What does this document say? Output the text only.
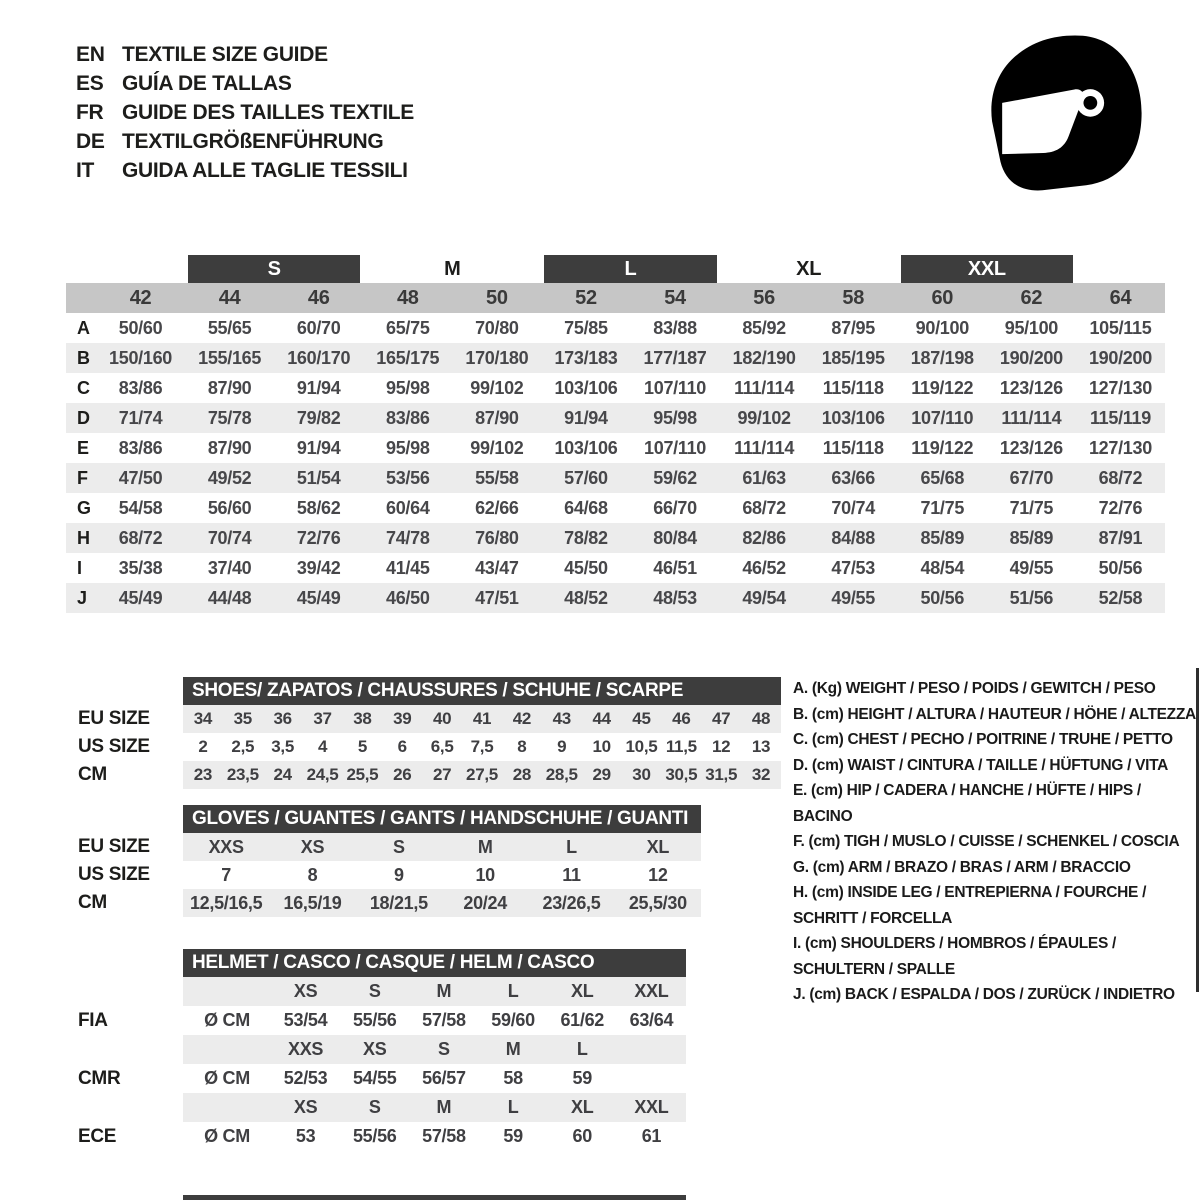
EN TEXTILE SIZE GUIDE
ES GUÍA DE TALLAS
FR GUIDE DES TAILLES TEXTILE
DE TEXTILGRÖßENFÜHRUNG
IT	GUIDA ALLE TAGLIE TESSILI
S	M	L	XL	XXL
42	44	46	48	50	52	54	56	58	60	62	64
A	50/60	55/65	60/70	65/75	70/80	75/85	83/88	85/92	87/95	90/100	95/100	105/115
B	150/160	155/165	160/170	165/175	170/180	173/183	177/187	182/190	185/195	187/198	190/200	190/200
C	83/86	87/90	91/94	95/98	99/102	103/106	107/110	111/114	115/118	119/122	123/126	127/130
D	71/74	75/78	79/82	83/86	87/90	91/94	95/98	99/102	103/106	107/110	111/114	115/119
E	83/86	87/90	91/94	95/98	99/102	103/106	107/110	111/114	115/118	119/122	123/126	127/130
F	47/50	49/52	51/54	53/56	55/58	57/60	59/62	61/63	63/66	65/68	67/70	68/72
G	54/58	56/60	58/62	60/64	62/66	64/68	66/70	68/72	70/74	71/75	71/75	72/76
H	68/72	70/74	72/76	74/78	76/80	78/82	80/84	82/86	84/88	85/89	85/89	87/91
I	35/38	37/40	39/42	41/45	43/47	45/50	46/51	46/52	47/53	48/54	49/55	50/56
J	45/49	44/48	45/49	46/50	47/51	48/52	48/53	49/54	49/55	50/56	51/56	52/58
SHOES/ ZAPATOS / CHAUSSURES / SCHUHE / SCARPE
EU SIZE	34	35	36	37	38	39	40	41	42	43	44	45	46	47	48
US SIZE	2	2,5	3,5	4	5	6	6,5	7,5	8	9	10 10,5 11,5 12	13
CM	23 23,5 24 24,5 25,5 26	27 27,5 28 28,5 29	30 30,5 31,5 32
GLOVES / GUANTES / GANTS / HANDSCHUHE / GUANTI
EU SIZE	XXS	XS	S	M	L	XL
US SIZE	7	8	9	10	11	12
CM	12,5/16,5	16,5/19	18/21,5	20/24	23/26,5	25,5/30
HELMET / CASCO / CASQUE / HELM / CASCO
XS	S	M	L	XL	XXL
FIA	Ø CM	53/54	55/56	57/58	59/60	61/62	63/64
XXS	XS	S	M	L
CMR	Ø CM	52/53	54/55	56/57	58	59
XS	S	M	L	XL	XXL
ECE	Ø CM	53	55/56	57/58	59	60	61
A. (Kg) WEIGHT / PESO / POIDS / GEWITCH / PESO
B. (cm) HEIGHT / ALTURA / HAUTEUR / HÖHE / ALTEZZA
C. (cm) CHEST / PECHO / POITRINE / TRUHE / PETTO
D. (cm) WAIST / CINTURA / TAILLE / HÜFTUNG / VITA
E. (cm) HIP / CADERA / HANCHE / HÜFTE / HIPS / BACINO
F. (cm) TIGH / MUSLO / CUISSE / SCHENKEL / COSCIA
G. (cm) ARM / BRAZO / BRAS / ARM / BRACCIO
H. (cm) INSIDE LEG / ENTREPIERNA / FOURCHE / SCHRITT / FORCELLA
I. (cm) SHOULDERS / HOMBROS / ÉPAULES / SCHULTERN / SPALLE
J. (cm) BACK / ESPALDA / DOS / ZURÜCK / INDIETRO
